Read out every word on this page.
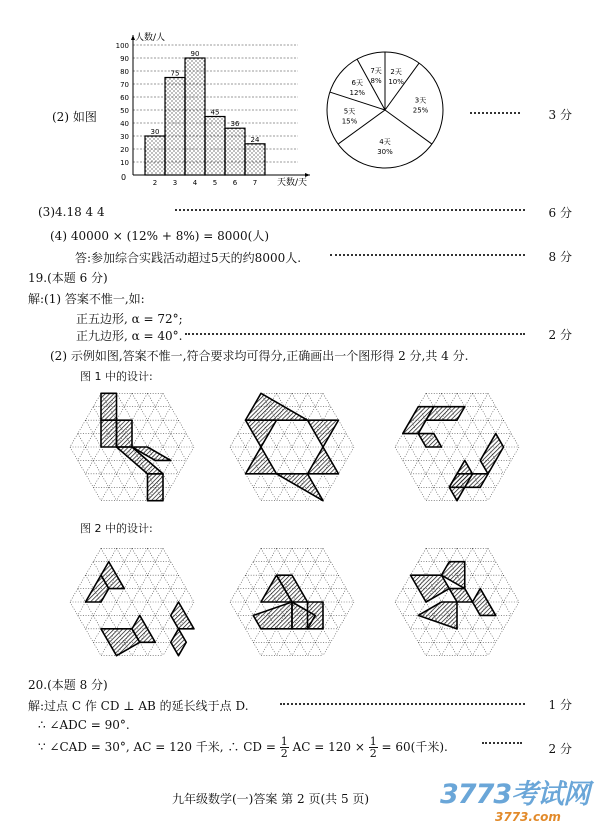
10
20
30
40
50
60
70
80
90
100
30
2
75
3
90
4
45
5
36
6
24
7
人数/人
天数/天
0
(2) 如图
2天
10%
3天
25%
4天
30%
5天
15%
6天
12%
7天
8%
3 分
(3)4.18 4 4	6 分
(4) 40000 × (12% + 8%) = 8000(人)
答:参加综合实践活动超过5天的约8000人.	8 分
19.(本题 6 分)
解:(1) 答案不惟一,如:
正五边形, α = 72°;
正九边形, α = 40°.	2 分
(2) 示例如图,答案不惟一,符合要求均可得分,正确画出一个图形得 2 分,共 4 分.
图 1 中的设计:
图 2 中的设计:
20.(本题 8 分)
解:过点 C 作 CD ⊥ AB 的延长线于点 D.	1 分
∴ ∠ADC = 90°.
∵ ∠CAD = 30°, AC = 120 千米, ∴ CD = $\frac{1}{2}$ AC = $120 \times \frac{1}{2} = 60$(千米).	2 分
九年级数学(一)答案 第 2 页(共 5 页)	3773考试网
3773.com
